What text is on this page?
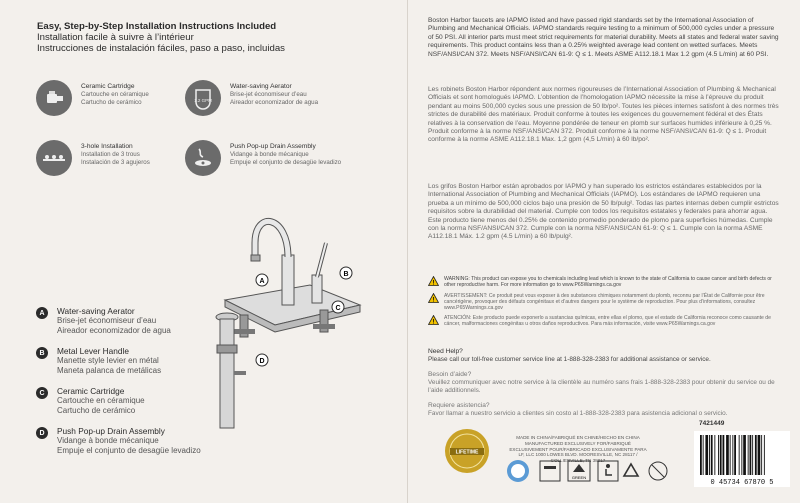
Easy, Step-by-Step Installation Instructions Included
Installation facile à suivre à l’intérieur
Instrucciones de instalación fáciles, paso a paso, incluidas
Ceramic Cartridge
Cartouche en céramique
Cartucho de cerámico	1.2 GPM
Water-saving Aerator
Brise-jet économiseur d’eau
Aireador economizador de agua
3-hole Installation
Installation de 3 trous
Instalación de 3 agujeros
Push Pop-up Drain Assembly
Vidange à bonde mécanique
Empuje el conjunto de desagüe levadizo
A
B
C
D
A	Water-saving Aerator
Brise-jet économiseur d’eau
Aireador economizador de agua
B	Metal Lever Handle
Manette style levier en métal
Maneta palanca de metálicas
C	Ceramic Cartridge
Cartouche en céramique
Cartucho de cerámico
D	Push Pop-up Drain Assembly
Vidange à bonde mécanique
Empuje el conjunto de desagüe levadizo

Boston Harbor faucets are IAPMO listed and have passed rigid standards set by the International Association of Plumbing and Mechanical Officials. IAPMO standards require testing to a minimum of 500,000 cycles under a pressure of 50 PSI. All interior parts must meet strict requirements for material durability. Meets all states and federal water saving requirements. This product contains less than a 0.25% weighted average lead content on wetted surfaces. Meets NSF/ANSI/CAN 372. Meets NSF/ANSI/CAN 61-9: Q ≤ 1. Meets ASME A112.18.1 Max 1.2 gpm (4.5 L/min) at 60 PSI.

Les robinets Boston Harbor répondent aux normes rigoureuses de l’International Association of Plumbing & Mechanical Officials et sont homologués IAPMO. L’obtention de l’homologation IAPMO nécessite la mise à l’épreuve du produit pendant au moins 500,000 cycles sous une pression de 50 lb/po². Toutes les pièces internes satisfont à des normes très strictes de durabilité des matériaux. Produit conforme à toutes les exigences du gouvernement fédéral et des États relatives à la conservation de l’eau. Moyenne pondérée de teneur en plomb sur surfaces humides inférieure à 0,25 %. Produit conforme à la norme NSF/ANSI/CAN 372. Produit conforme à la norme NSF/ANSI/CAN 61-9: Q ≤ 1. Produit conforme à la norme ASME A112.18.1 Max. 1,2 gpm (4,5 L/min) à 60 lb/po².

Los grifos Boston Harbor están aprobados por IAPMO y han superado los estrictos estándares establecidos por la International Association of Plumbing and Mechanical Officials (IAPMO). Los estándares de IAPMO requieren una prueba a un mínimo de 500,000 ciclos bajo una presión de 50 lb/pulg². Todas las partes internas deben cumplir estrictos requisitos sobre la durabilidad del material. Cumple con todos los requisitos estatales y federales para ahorrar agua. Este producto tiene menos del 0.25% de contenido promedio ponderado de plomo para superficies húmedas. Cumple con la norma NSF/ANSI/CAN 372. Cumple con la norma NSF/ANSI/CAN 61-9: Q ≤ 1. Cumple con la norma ASME A112.18.1 Máx. 1.2 gpm (4.5 L/min) a 60 lb/pulg².

!
WARNING: This product can expose you to chemicals including lead which is known to the state of California to cause cancer and birth defects or other reproductive harm. For more information go to www.P65Warnings.ca.gov
!
AVERTISSEMENT: Ce produit peut vous exposer à des substances chimiques notamment du plomb, reconnu par l’État de Californie pour être cancérigène, provoquer des défauts congénitaux et d’autres dangers pour le système de reproduction. Pour plus d’informations, consultez www.P65Warnings.ca.gov
!
ATENCIÓN: Este producto puede exponerlo a sustancias químicas, entre ellas el plomo, que el estado de California reconoce como causante de cáncer, malformaciones congénitas u otros daños reproductivos. Para más información, visite www.P65Warnings.ca.gov
Need Help?
Please call our toll-free customer service line at 1-888-328-2383 for additional assistance or service.
Besoin d’aide?
Veuillez communiquer avec notre service à la clientèle au numéro sans frais 1-888-328-2383 pour obtenir du service ou de l’aide additionnels.
Requiere asistencia?
Favor llamar a nuestro servicio a clientes sin costo al 1-888-328-2383 para asistencia adicional o servicio.
LIFETIME
MADE IN CHINA/FABRIQUÉ EN CHINE/HECHO EN CHINA MANUFACTURED EXCLUSIVELY FOR/FABRIQUÉ EXCLUSIVEMENT POUR/FABRICADO EXCLUSIVAMENTE PARA LF, LLC 1000 LOWES BLVD. MOORESVILLE, NC 28117 / COLLIERVILLE, TN 38017
GREEN
7421449
0 45734 67870 5
